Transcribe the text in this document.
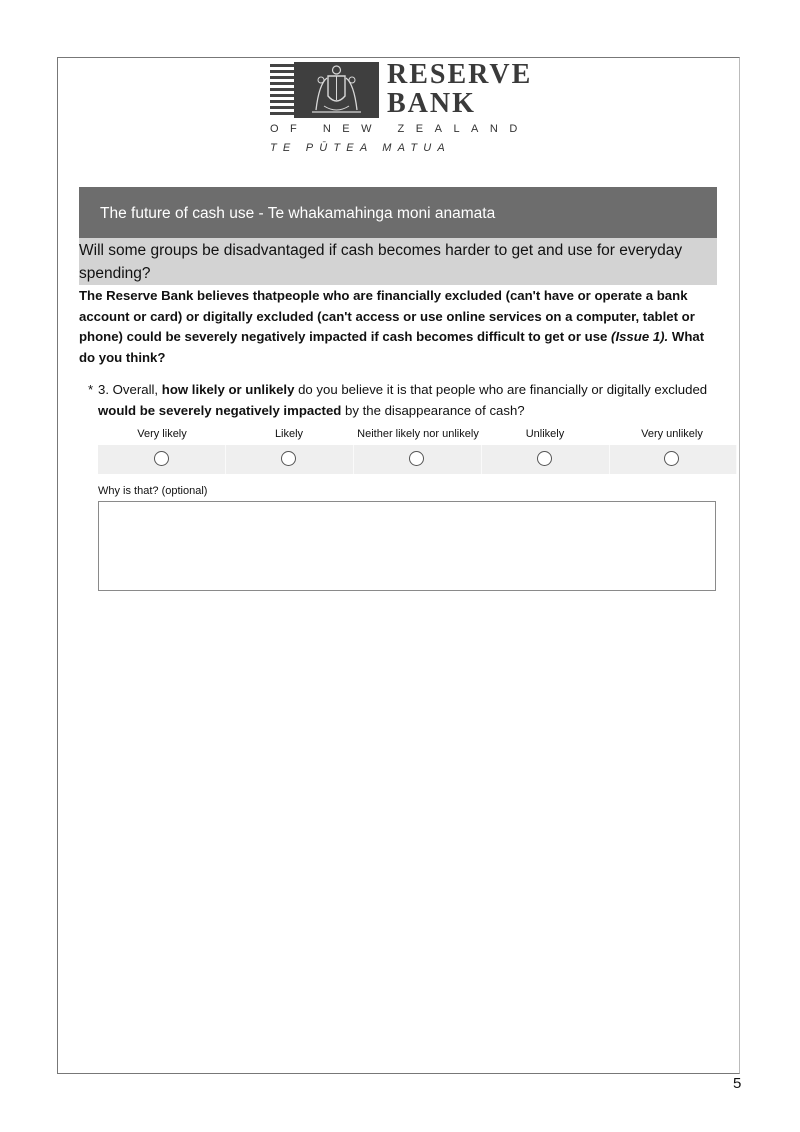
RESERVE
BANK
OF NEW ZEALAND
TE PŪTEA MATUA
The future of cash use - Te whakamahinga moni anamata
Will some groups be disadvantaged if cash becomes harder to get and use for everyday spending?
The Reserve Bank believes thatpeople who are financially excluded (can't have or operate a bank account or card) or digitally excluded (can't access or use online services on a computer, tablet or phone) could be severely negatively impacted if cash becomes difficult to get or use (Issue 1). What do you think?
* 3. Overall, how likely or unlikely do you believe it is that people who are financially or digitally excluded would be severely negatively impacted by the disappearance of cash?
Very likely	Likely	Neither likely nor unlikely	Unlikely	Very unlikely
Why is that? (optional)
5
